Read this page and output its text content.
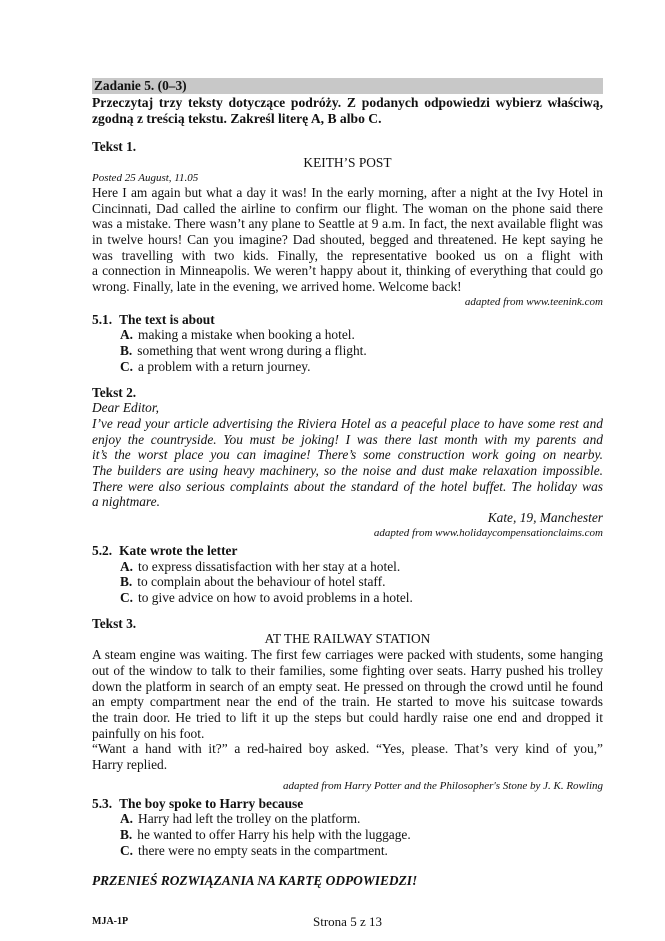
Zadanie 5. (0–3)
Przeczytaj trzy teksty dotyczące podróży. Z podanych odpowiedzi wybierz właściwą,
zgodną z treścią tekstu. Zakreśl literę A, B albo C.
Tekst 1.
KEITH’S POST
Posted 25 August, 11.05
Here I am again but what a day it was! In the early morning, after a night at the Ivy Hotel in
Cincinnati, Dad called the airline to confirm our flight. The woman on the phone said there
was a mistake. There wasn’t any plane to Seattle at 9 a.m. In fact, the next available flight was
in twelve hours! Can you imagine? Dad shouted, begged and threatened. He kept saying he
was travelling with two kids. Finally, the representative booked us on a flight with
a connection in Minneapolis. We weren’t happy about it, thinking of everything that could go
wrong. Finally, late in the evening, we arrived home. Welcome back!
adapted from www.teenink.com
5.1. The text is about
A. making a mistake when booking a hotel.
B. something that went wrong during a flight.
C. a problem with a return journey.
Tekst 2.
Dear Editor,
I’ve read your article advertising the Riviera Hotel as a peaceful place to have some rest and
enjoy the countryside. You must be joking! I was there last month with my parents and
it’s the worst place you can imagine! There’s some construction work going on nearby.
The builders are using heavy machinery, so the noise and dust make relaxation impossible.
There were also serious complaints about the standard of the hotel buffet. The holiday was
a nightmare.
Kate, 19, Manchester
adapted from www.holidaycompensationclaims.com
5.2. Kate wrote the letter
A. to express dissatisfaction with her stay at a hotel.
B. to complain about the behaviour of hotel staff.
C. to give advice on how to avoid problems in a hotel.
Tekst 3.
AT THE RAILWAY STATION
A steam engine was waiting. The first few carriages were packed with students, some hanging
out of the window to talk to their families, some fighting over seats. Harry pushed his trolley
down the platform in search of an empty seat. He pressed on through the crowd until he found
an empty compartment near the end of the train. He started to move his suitcase towards
the train door. He tried to lift it up the steps but could hardly raise one end and dropped it
painfully on his foot.
“Want a hand with it?” a red-haired boy asked. “Yes, please. That’s very kind of you,”
Harry replied.
adapted from Harry Potter and the Philosopher's Stone by J. K. Rowling
5.3. The boy spoke to Harry because
A. Harry had left the trolley on the platform.
B. he wanted to offer Harry his help with the luggage.
C. there were no empty seats in the compartment.
PRZENIEŚ ROZWIĄZANIA NA KARTĘ ODPOWIEDZI!
MJA-1P	Strona 5 z 13
